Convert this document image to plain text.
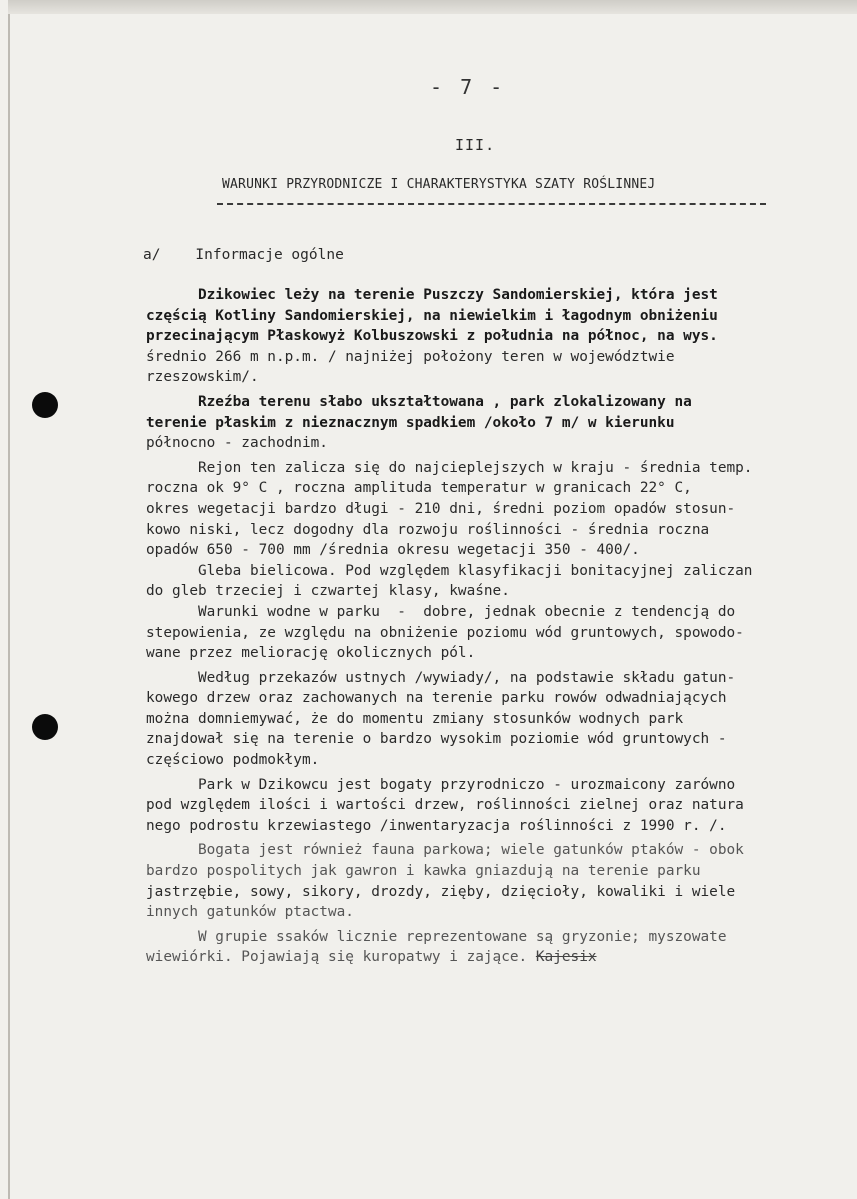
- 7 -
III.
WARUNKI PRZYRODNICZE I CHARAKTERYSTYKA SZATY ROŚLINNEJ
a/ Informacje ogólne
Dzikowiec leży na terenie Puszczy Sandomierskiej, która jest
częścią Kotliny Sandomierskiej, na niewielkim i łagodnym obniżeniu
przecinającym Płaskowyż Kolbuszowski z południa na północ, na wys.
średnio 266 m n.p.m. / najniżej położony teren w województwie
rzeszowskim/.
Rzeźba terenu słabo ukształtowana , park zlokalizowany na
terenie płaskim z nieznacznym spadkiem /około 7 m/ w kierunku
północno - zachodnim.
Rejon ten zalicza się do najcieplejszych w kraju - średnia temp.
roczna ok 9° C , roczna amplituda temperatur w granicach 22° C,
okres wegetacji bardzo długi - 210 dni, średni poziom opadów stosun-
kowo niski, lecz dogodny dla rozwoju roślinności - średnia roczna
opadów 650 - 700 mm /średnia okresu wegetacji 350 - 400/.
Gleba bielicowa. Pod względem klasyfikacji bonitacyjnej zaliczan
do gleb trzeciej i czwartej klasy, kwaśne.
Warunki wodne w parku  -  dobre, jednak obecnie z tendencją do
stepowienia, ze względu na obniżenie poziomu wód gruntowych, spowodo-
wane przez meliorację okolicznych pól.
Według przekazów ustnych /wywiady/, na podstawie składu gatun-
kowego drzew oraz zachowanych na terenie parku rowów odwadniających
można domniemywać, że do momentu zmiany stosunków wodnych park
znajdował się na terenie o bardzo wysokim poziomie wód gruntowych -
częściowo podmokłym.
Park w Dzikowcu jest bogaty przyrodniczo - urozmaicony zarówno
pod względem ilości i wartości drzew, roślinności zielnej oraz natura
nego podrostu krzewiastego /inwentaryzacja roślinności z 1990 r. /.
Bogata jest również fauna parkowa; wiele gatunków ptaków - obok
bardzo pospolitych jak gawron i kawka gniazdują na terenie parku
jastrzębie, sowy, sikory, drozdy, zięby, dzięcioły, kowaliki i wiele
innych gatunków ptactwa.
W grupie ssaków licznie reprezentowane są gryzonie; myszowate
wiewiórki. Pojawiają się kuropatwy i zające. Kajesix
